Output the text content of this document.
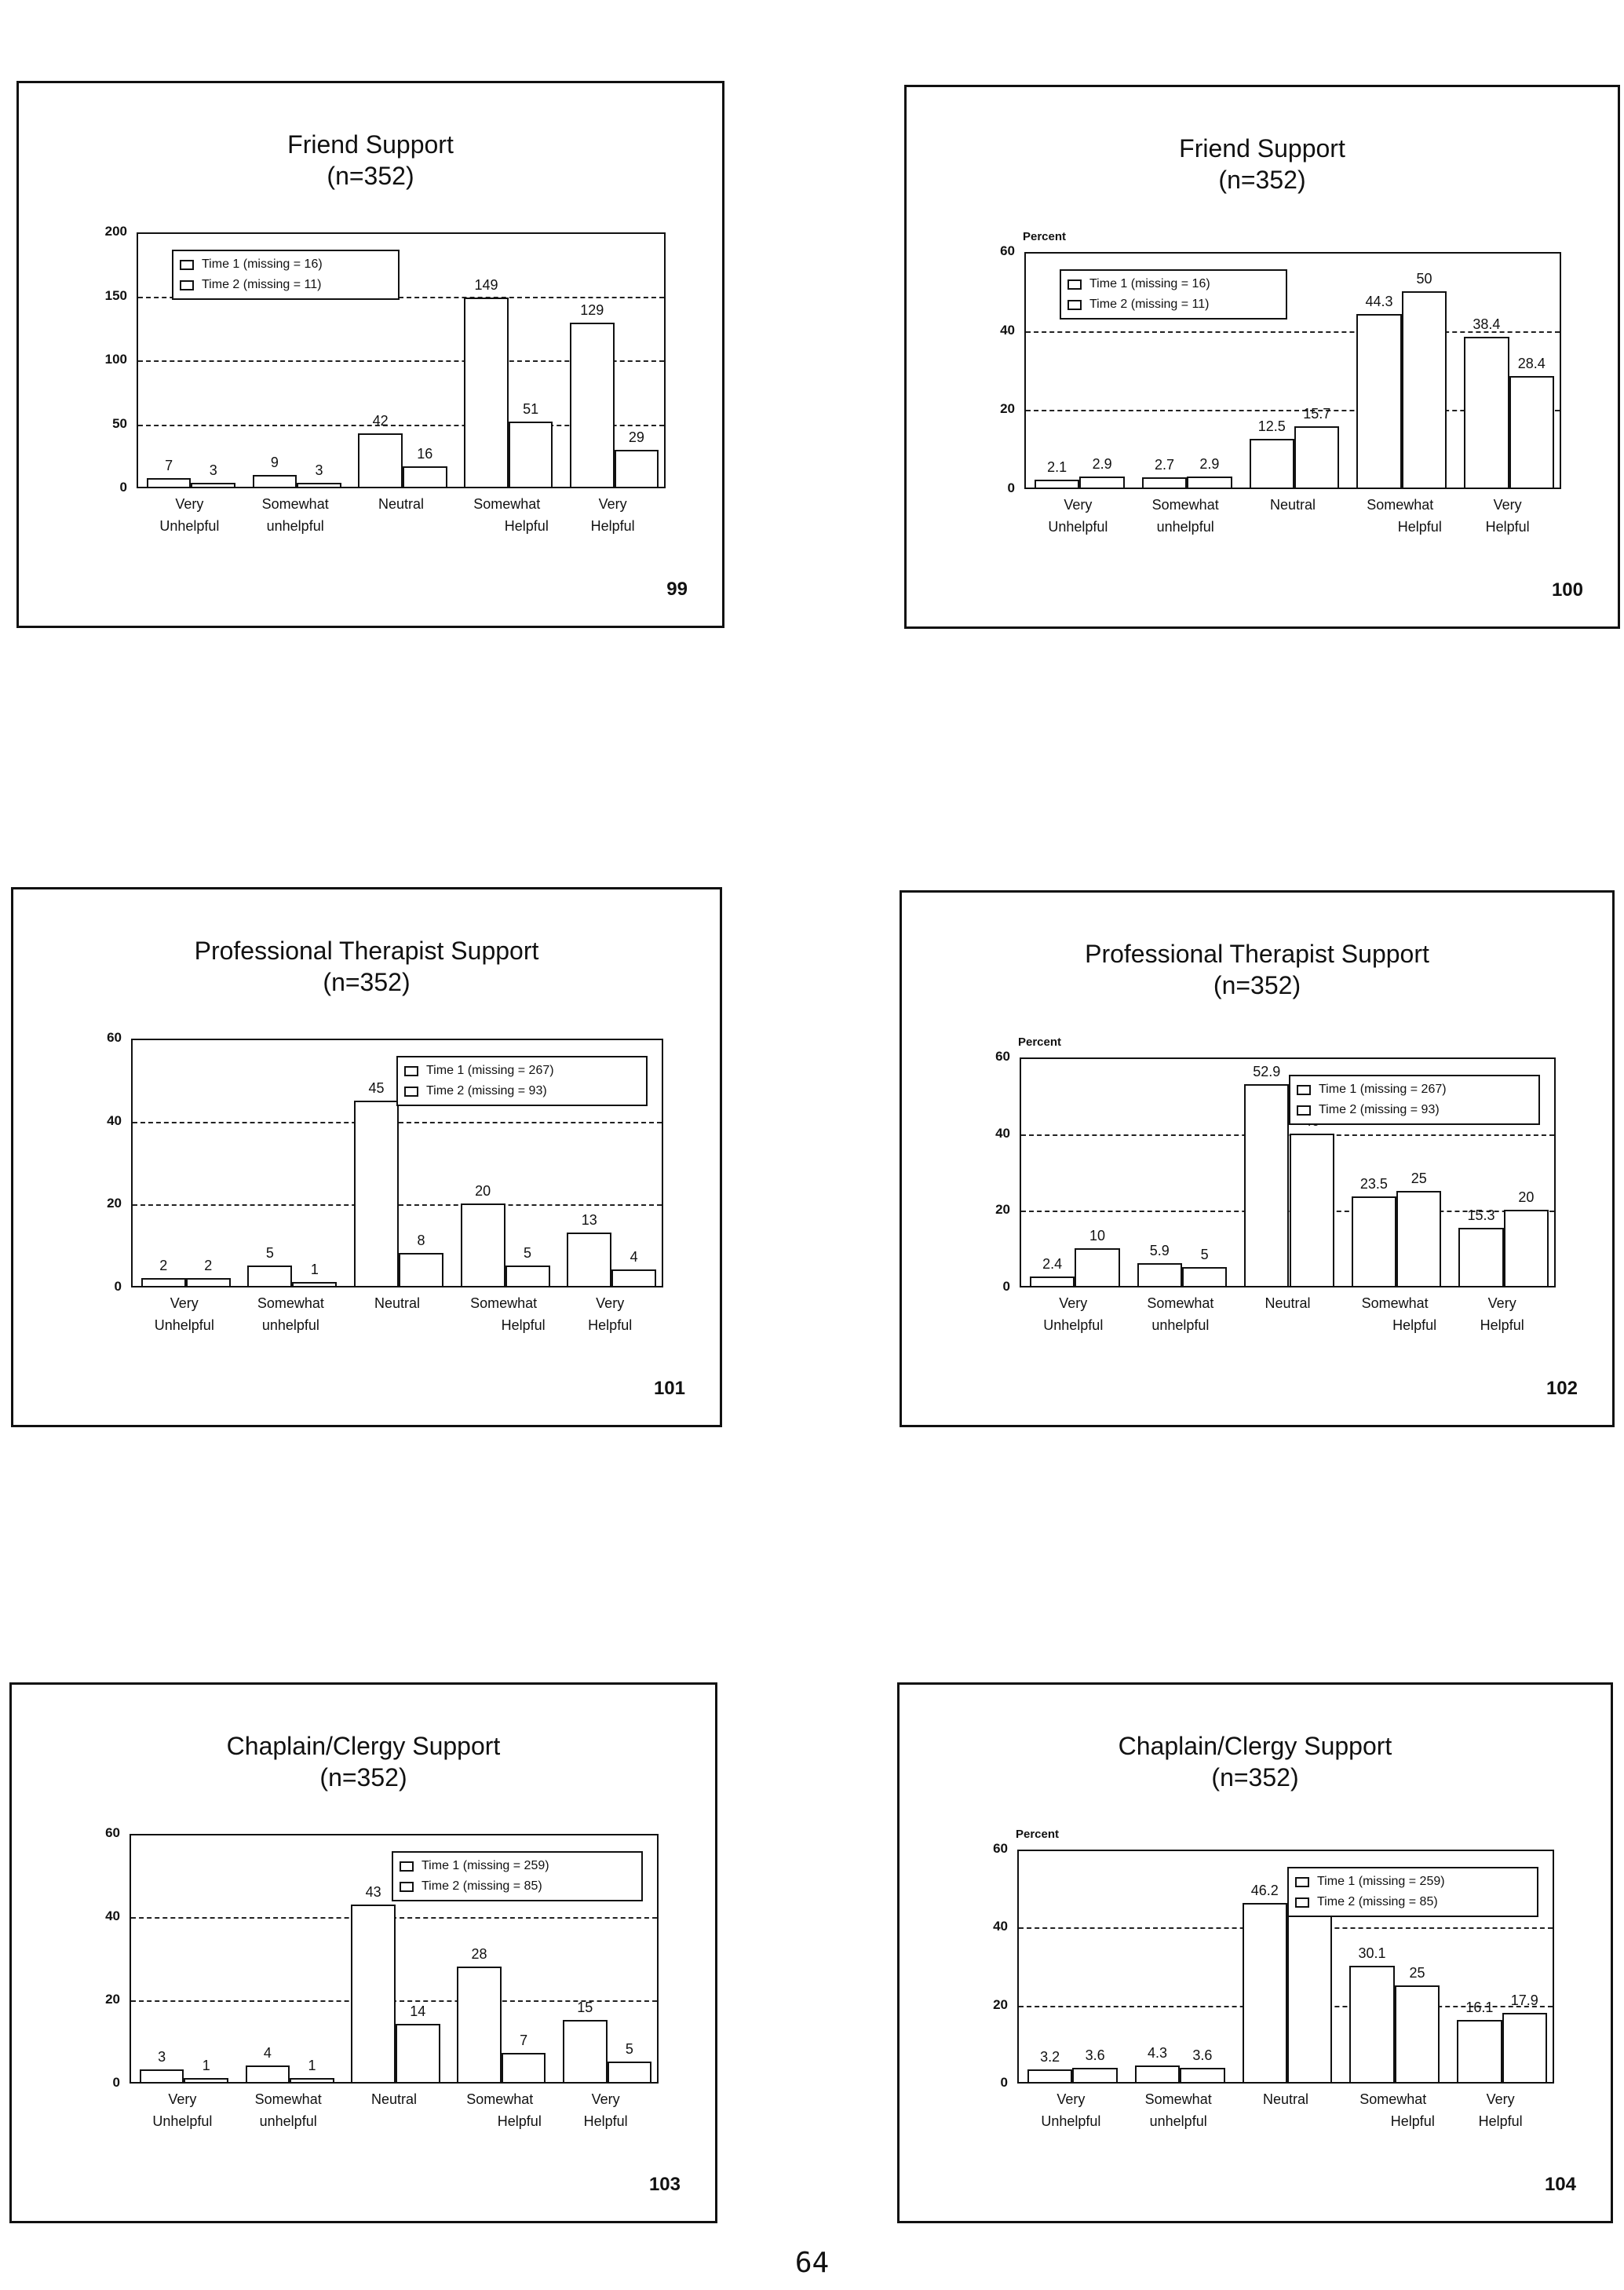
Friend Support
(n=352)
99
7	3	9	3
42
16
149
51
129
29
0
50
100
150
200
Very
Unhelpful
Somewhat
unhelpful
Neutral	Somewhat
Helpful
Very
Helpful
Time 1 (missing = 16)
Time 2 (missing = 11)
Friend Support
(n=352)
100
2.1	2.9	2.7	2.9
12.5
15.7
44.3
50
38.4
28.4
Percent
0
20
40
60
Very
Unhelpful
Somewhat
unhelpful
Neutral	Somewhat
Helpful
Very
Helpful
Time 1 (missing = 16)
Time 2 (missing = 11)
Professional Therapist Support
(n=352)
101
2	2
5
1
45
8
20
5
13
4
0
20
40
60
Very
Unhelpful
Somewhat
unhelpful
Neutral	Somewhat
Helpful
Very
Helpful
Time 1 (missing = 267)
Time 2 (missing = 93)
Professional Therapist Support
(n=352)
102
2.4
10
5.9	5
52.9
23.5	25
15.3
20
Percent
0
20
40
60
Very
Unhelpful
Somewhat
unhelpful
Neutral	Somewhat
Helpful
Very
Helpful
Time 1 (missing = 267)
Time 2 (missing = 93)
Chaplain/Clergy Support
(n=352)
103
3
1
4
1
43
14
28
7
15
5
0
20
40
60
Very
Unhelpful
Somewhat
unhelpful
Neutral	Somewhat
Helpful
Very
Helpful
Time 1 (missing = 259)
Time 2 (missing = 85)
Chaplain/Clergy Support
(n=352)
104
3.2	3.6	4.3	3.6
46.2
30.1
25
16.1	17.9
Percent
0
20
40
60
Very
Unhelpful
Somewhat
unhelpful
Neutral	Somewhat
Helpful
Very
Helpful
Time 1 (missing = 259)
Time 2 (missing = 85)
64
